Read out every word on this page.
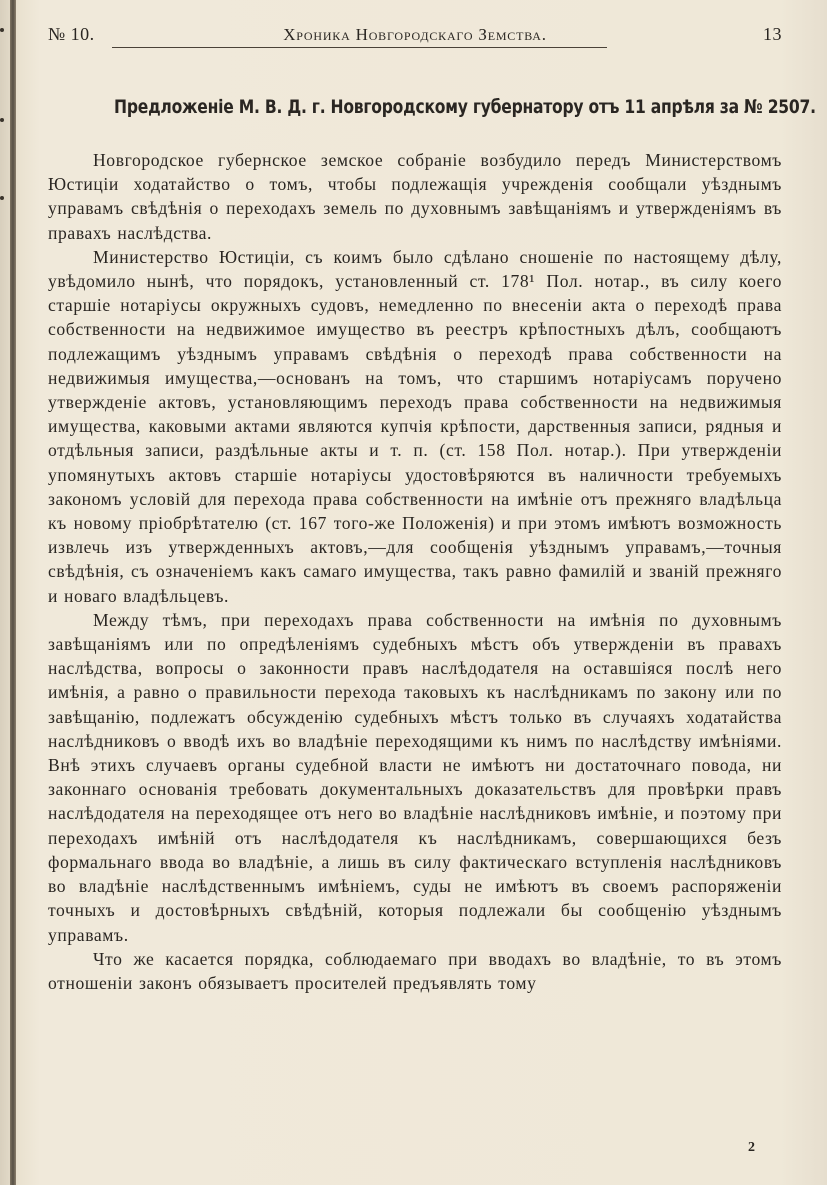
№ 10.	Хроника Новгородскаго Земства.	13
Предложеніе М. В. Д. г. Новгородскому губернатору отъ 11 апрѣля за № 2507.

Новгородское губернское земское собраніе возбудило передъ Министерствомъ Юстиціи ходатайство о томъ, чтобы подлежащія учрежденія сообщали уѣзднымъ управамъ свѣдѣнія о переходахъ земель по духовнымъ завѣщаніямъ и утвержденіямъ въ правахъ наслѣдства.

Министерство Юстиціи, съ коимъ было сдѣлано сношеніе по настоящему дѣлу, увѣдомило нынѣ, что порядокъ, установленный ст. 178¹ Пол. нотар., въ силу коего старшіе нотаріусы окружныхъ судовъ, немедленно по внесеніи акта о переходѣ права собственности на недвижимое имущество въ реестръ крѣпостныхъ дѣлъ, сообщаютъ подлежащимъ уѣзднымъ управамъ свѣдѣнія о переходѣ права собственности на недвижимыя имущества,—основанъ на томъ, что старшимъ нотаріусамъ поручено утвержденіе актовъ, установляющимъ переходъ права собственности на недвижимыя имущества, каковыми актами являются купчія крѣпости, дарственныя записи, рядныя и отдѣльныя записи, раздѣльные акты и т. п. (ст. 158 Пол. нотар.). При утвержденіи упомянутыхъ актовъ старшіе нотаріусы удостовѣряются въ наличности требуемыхъ закономъ условій для перехода права собственности на имѣніе отъ прежняго владѣльца къ новому пріобрѣтателю (ст. 167 того-же Положенія) и при этомъ имѣютъ возможность извлечь изъ утвержденныхъ актовъ,—для сообщенія уѣзднымъ управамъ,—точныя свѣдѣнія, съ означеніемъ какъ самаго имущества, такъ равно фамилій и званій прежняго и новаго владѣльцевъ.

Между тѣмъ, при переходахъ права собственности на имѣнія по духовнымъ завѣщаніямъ или по опредѣленіямъ судебныхъ мѣстъ объ утвержденіи въ правахъ наслѣдства, вопросы о законности правъ наслѣдодателя на оставшіяся послѣ него имѣнія, а равно о правильности перехода таковыхъ къ наслѣдникамъ по закону или по завѣщанію, подлежатъ обсужденію судебныхъ мѣстъ только въ случаяхъ ходатайства наслѣдниковъ о вводѣ ихъ во владѣніе переходящими къ нимъ по наслѣдству имѣніями. Внѣ этихъ случаевъ органы судебной власти не имѣютъ ни достаточнаго повода, ни законнаго основанія требовать документальныхъ доказательствъ для провѣрки правъ наслѣдодателя на переходящее отъ него во владѣніе наслѣдниковъ имѣніе, и поэтому при переходахъ имѣній отъ наслѣдодателя къ наслѣдникамъ, совершающихся безъ формальнаго ввода во владѣніе, а лишь въ силу фактическаго вступленія наслѣдниковъ во владѣніе наслѣдственнымъ имѣніемъ, суды не имѣютъ въ своемъ распоряженіи точныхъ и достовѣрныхъ свѣдѣній, которыя подлежали бы сообщенію уѣзднымъ управамъ.

Что же касается порядка, соблюдаемаго при вводахъ во владѣніе, то въ этомъ отношеніи законъ обязываетъ просителей предъявлять тому

2
